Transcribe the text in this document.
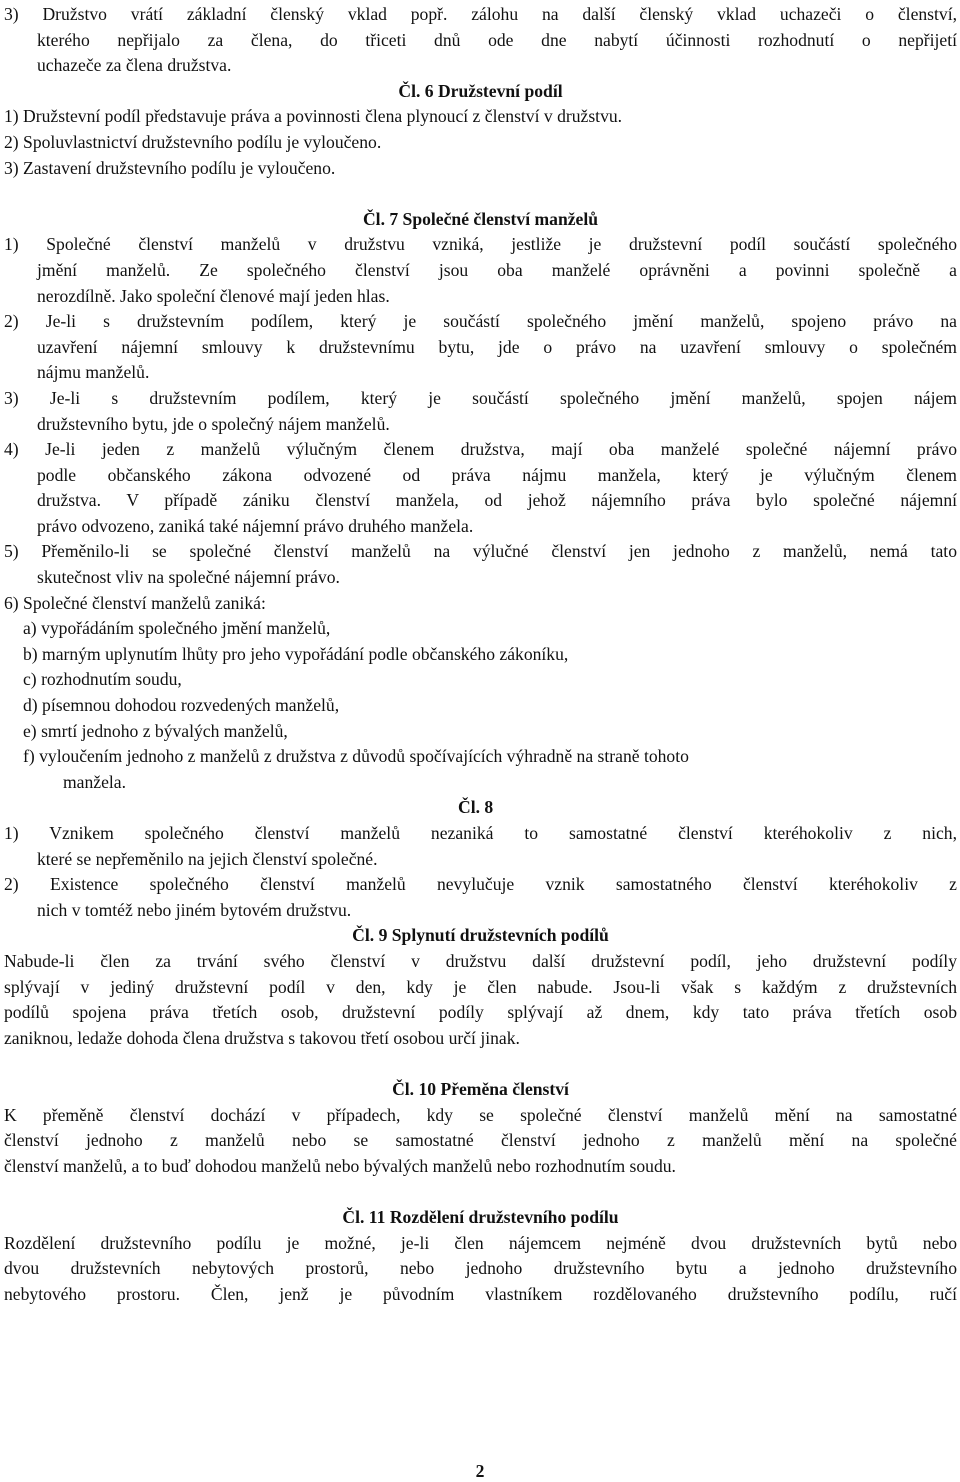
3) Družstvo vrátí základní členský vklad popř. zálohu na další členský vklad uchazeči o členství,
kterého nepřijalo za člena, do třiceti dnů ode dne nabytí účinnosti rozhodnutí o nepřijetí
uchazeče za člena družstva.
Čl. 6 Družstevní podíl
1) Družstevní podíl představuje práva a povinnosti člena plynoucí z členství v družstvu.
2) Spoluvlastnictví družstevního podílu je vyloučeno.
3) Zastavení družstevního podílu je vyloučeno.
Čl. 7 Společné členství manželů
1) Společné členství manželů v družstvu vzniká, jestliže je družstevní podíl součástí společného
jmění manželů. Ze společného členství jsou oba manželé oprávněni a povinni společně a
nerozdílně. Jako společní členové mají jeden hlas.
2) Je-li s družstevním podílem, který je součástí společného jmění manželů, spojeno právo na
uzavření nájemní smlouvy k družstevnímu bytu, jde o právo na uzavření smlouvy o společném
nájmu manželů.
3) Je-li s družstevním podílem, který je součástí společného jmění manželů, spojen nájem
družstevního bytu, jde o společný nájem manželů.
4) Je-li jeden z manželů výlučným členem družstva, mají oba manželé společné nájemní právo
podle občanského zákona odvozené od práva nájmu manžela, který je výlučným členem
družstva. V případě zániku členství manžela, od jehož nájemního práva bylo společné nájemní
právo odvozeno, zaniká také nájemní právo druhého manžela.
5) Přeměnilo-li se společné členství manželů na výlučné členství jen jednoho z manželů, nemá tato
skutečnost vliv na společné nájemní právo.
6) Společné členství manželů zaniká:
a) vypořádáním společného jmění manželů,
b) marným uplynutím lhůty pro jeho vypořádání podle občanského zákoníku,
c) rozhodnutím soudu,
d) písemnou dohodou rozvedených manželů,
e) smrtí jednoho z bývalých manželů,
f) vyloučením jednoho z manželů z družstva z důvodů spočívajících výhradně na straně tohoto
manžela.
Čl. 8
1) Vznikem společného členství manželů nezaniká to samostatné členství kteréhokoliv z nich,
které se nepřeměnilo na jejich členství společné.
2) Existence společného členství manželů nevylučuje vznik samostatného členství kteréhokoliv z
nich v tomtéž nebo jiném bytovém družstvu.
Čl. 9 Splynutí družstevních podílů
Nabude-li člen za trvání svého členství v družstvu další družstevní podíl, jeho družstevní podíly
splývají v jediný družstevní podíl v den, kdy je člen nabude. Jsou-li však s každým z družstevních
podílů spojena práva třetích osob, družstevní podíly splývají až dnem, kdy tato práva třetích osob
zaniknou, ledaže dohoda člena družstva s takovou třetí osobou určí jinak.
Čl. 10 Přeměna členství
K přeměně členství dochází v případech, kdy se společné členství manželů mění na samostatné
členství jednoho z manželů nebo se samostatné členství jednoho z manželů mění na společné
členství manželů, a to buď dohodou manželů nebo bývalých manželů nebo rozhodnutím soudu.
Čl. 11 Rozdělení družstevního podílu
Rozdělení družstevního podílu je možné, je-li člen nájemcem nejméně dvou družstevních bytů nebo
dvou družstevních nebytových prostorů, nebo jednoho družstevního bytu a jednoho družstevního
nebytového prostoru. Člen, jenž je původním vlastníkem rozdělovaného družstevního podílu, ručí
2
